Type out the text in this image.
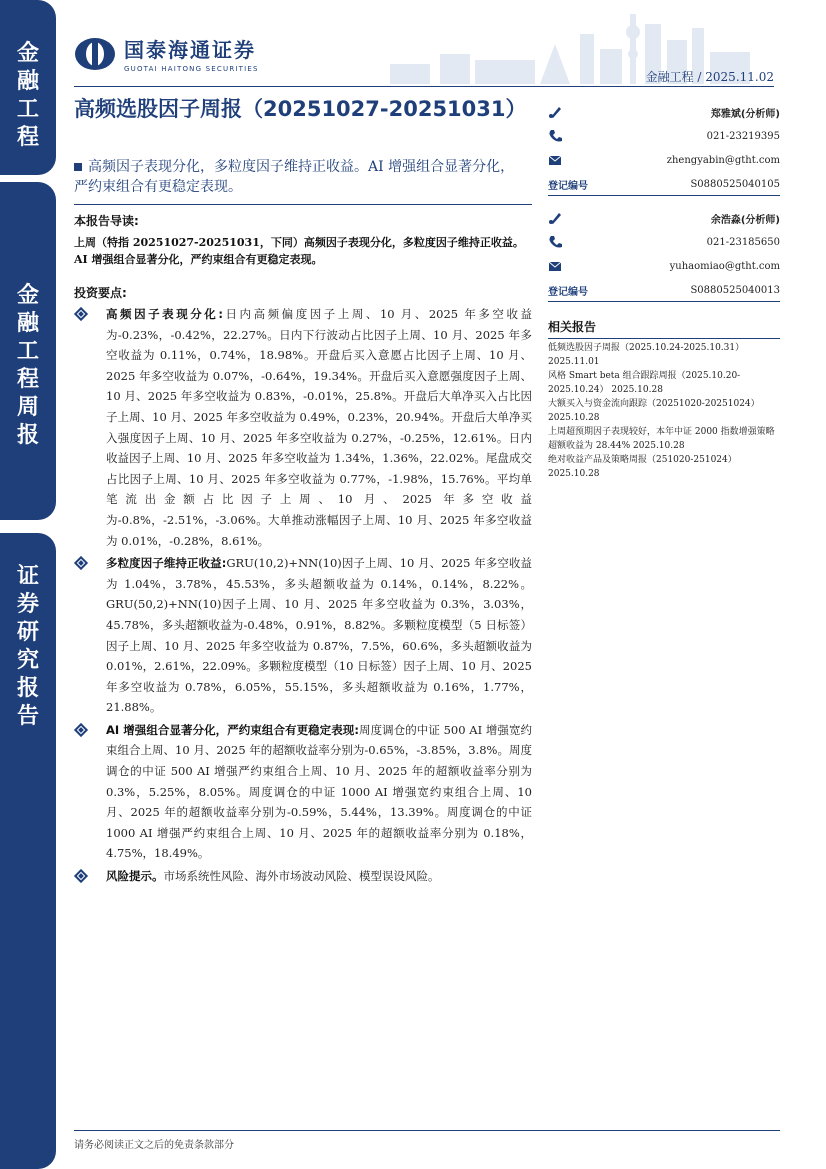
金
融
工
程
金
融
工
程
周
报
证
券
研
究
报
告
国泰海通证券
GUOTAI HAITONG SECURITIES
金融工程 / 2025.11.02
高频选股因子周报（20251027-20251031）
高频因子表现分化，多粒度因子维持正收益。AI 增强组合显著分化，严约束组合有更稳定表现。
本报告导读:
上周（特指 20251027-20251031，下同）高频因子表现分化，多粒度因子维持正收益。AI 增强组合显著分化，严约束组合有更稳定表现。
投资要点:
高频因子表现分化:日内高频偏度因子上周、10 月、2025 年多空收益为-0.23%，-0.42%，22.27%。日内下行波动占比因子上周、10 月、2025 年多空收益为 0.11%，0.74%，18.98%。开盘后买入意愿占比因子上周、10 月、2025 年多空收益为 0.07%，-0.64%，19.34%。开盘后买入意愿强度因子上周、10 月、2025 年多空收益为 0.83%，-0.01%，25.8%。开盘后大单净买入占比因子上周、10 月、2025 年多空收益为 0.49%，0.23%，20.94%。开盘后大单净买入强度因子上周、10 月、2025 年多空收益为 0.27%，-0.25%，12.61%。日内收益因子上周、10 月、2025 年多空收益为 1.34%，1.36%，22.02%。尾盘成交占比因子上周、10 月、2025 年多空收益为 0.77%，-1.98%，15.76%。平均单笔流出金额占比因子上周、10 月、2025 年多空收益为-0.8%，-2.51%，-3.06%。大单推动涨幅因子上周、10 月、2025 年多空收益为 0.01%，-0.28%，8.61%。
多粒度因子维持正收益:GRU(10,2)+NN(10)因子上周、10 月、2025 年多空收益为 1.04%，3.78%，45.53%，多头超额收益为 0.14%，0.14%，8.22%。GRU(50,2)+NN(10)因子上周、10 月、2025 年多空收益为 0.3%，3.03%，45.78%，多头超额收益为-0.48%，0.91%，8.82%。多颗粒度模型（5 日标签）因子上周、10 月、2025 年多空收益为 0.87%，7.5%，60.6%，多头超额收益为 0.01%，2.61%，22.09%。多颗粒度模型（10 日标签）因子上周、10 月、2025 年多空收益为 0.78%，6.05%，55.15%，多头超额收益为 0.16%，1.77%，21.88%。
AI 增强组合显著分化，严约束组合有更稳定表现:周度调仓的中证 500 AI 增强宽约束组合上周、10 月、2025 年的超额收益率分别为-0.65%，-3.85%，3.8%。周度调仓的中证 500 AI 增强严约束组合上周、10 月、2025 年的超额收益率分别为 0.3%，5.25%，8.05%。周度调仓的中证 1000 AI 增强宽约束组合上周、10 月、2025 年的超额收益率分别为-0.59%，5.44%，13.39%。周度调仓的中证 1000 AI 增强严约束组合上周、10 月、2025 年的超额收益率分别为 0.18%，4.75%，18.49%。
风险提示。市场系统性风险、海外市场波动风险、模型误设风险。
郑雅斌(分析师)
021-23219395
zhengyabin@gtht.com
登记编号	S0880525040105
余浩淼(分析师)
021-23185650
yuhaomiao@gtht.com
登记编号	S0880525040013
相关报告
低频选股因子周报（2025.10.24-2025.10.31）2025.11.01
风格 Smart beta 组合跟踪周报（2025.10.20-2025.10.24） 2025.10.28
大额买入与资金流向跟踪（20251020-20251024）2025.10.28
上周超预期因子表现较好，本年中证 2000 指数增强策略超额收益为 28.44% 2025.10.28
绝对收益产品及策略周报（251020-251024）2025.10.28
请务必阅读正文之后的免责条款部分
